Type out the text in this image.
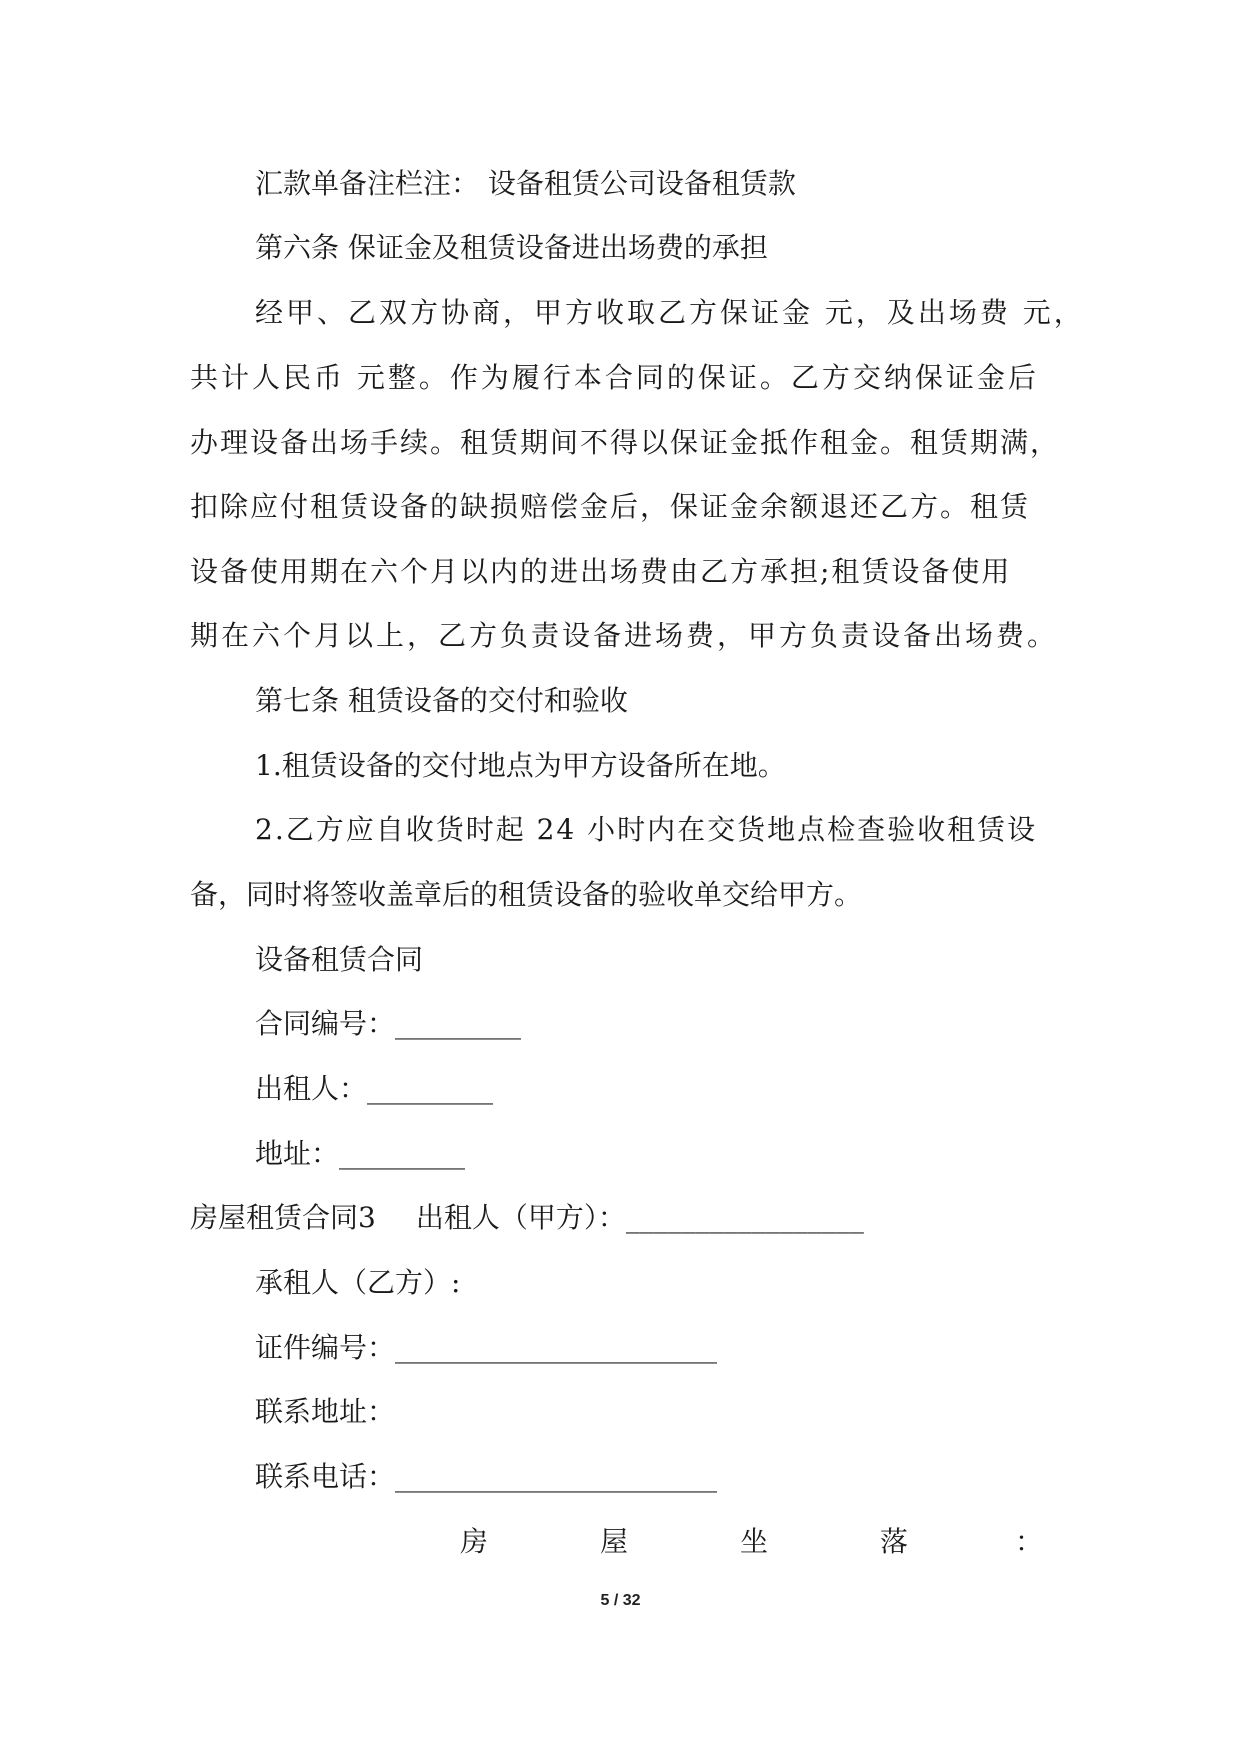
汇款单备注栏注： 设备租赁公司设备租赁款
第六条 保证金及租赁设备进出场费的承担
经甲、乙双方协商，甲方收取乙方保证金 元，及出场费 元，
共计人民币 元整。作为履行本合同的保证。乙方交纳保证金后
办理设备出场手续。租赁期间不得以保证金抵作租金。租赁期满，
扣除应付租赁设备的缺损赔偿金后，保证金余额退还乙方。租赁
设备使用期在六个月以内的进出场费由乙方承担;租赁设备使用
期在六个月以上，乙方负责设备进场费，甲方负责设备出场费。
第七条 租赁设备的交付和验收
1.租赁设备的交付地点为甲方设备所在地。
2.乙方应自收货时起 24 小时内在交货地点检查验收租赁设
备，同时将签收盖章后的租赁设备的验收单交给甲方。
设备租赁合同
合同编号：_________
出租人：_________
地址：_________
房屋租赁合同3 出租人（甲方）：_________________
承租人（乙方）:
证件编号：_______________________
联系地址：
联系电话：_______________________
房	屋	坐	落	：
5 / 32
